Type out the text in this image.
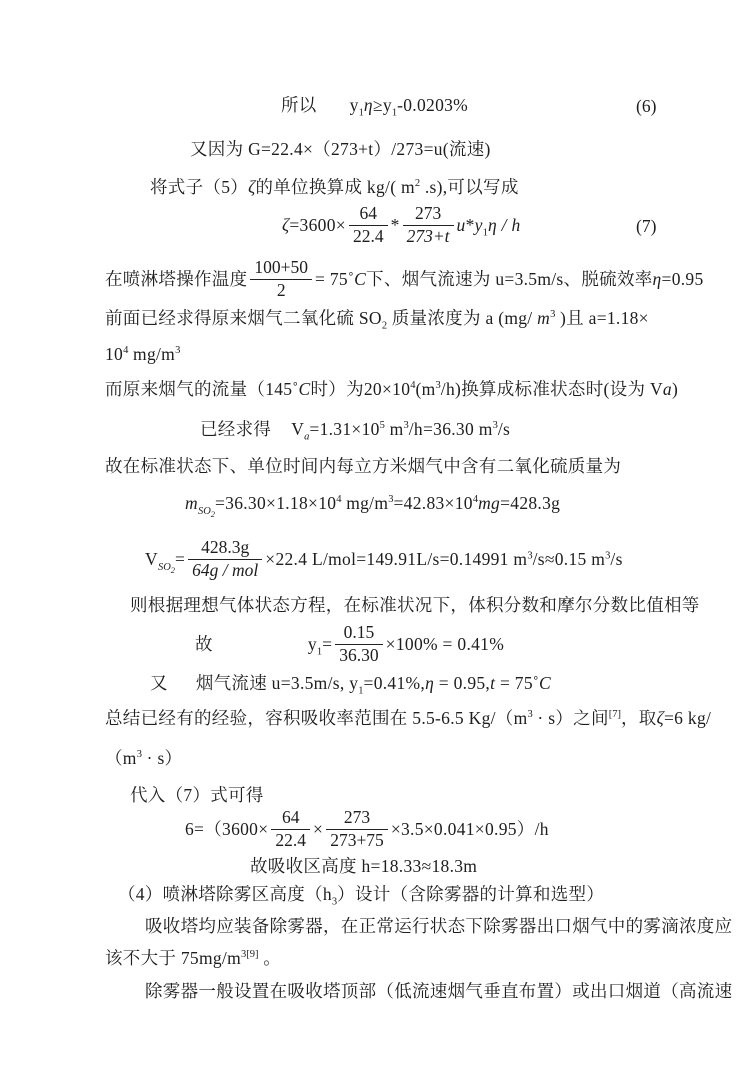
所以 $y_1\eta\ge y_1-0.0203\%$	(6)
又因为 G=22.4×（273+t）/273=u(流速)
将式子（5）ζ的单位换算成 kg/( $m^2$ .s),可以写成
$\zeta=3600\times \frac{64}{22.4} * \frac{273}{273+t} u*y_1\eta / h$	(7)
在喷淋塔操作温度 $\frac{100+50}{2}$ = 75˚C下、烟气流速为 u=3.5m/s、脱硫效率η=0.95
前面已经求得原来烟气二氧化硫 $SO_2$ 质量浓度为 a (mg/ $m^3$ )且 a=1.18×
$10^4$ $mg/m^3$
而原来烟气的流量（145˚C时）为$20\times 10^4(m^3/h)$换算成标准状态时(设为 Va)
已经求得 $V_a=1.31\times 10^5$ $m^3/h=36.30$ $m^3/s$
故在标准状态下、单位时间内每立方米烟气中含有二氧化硫质量为
$m_{SO_2}=36.30\times 1.18\times 10^4$ $mg/m^3=42.83\times 10^4mg=428.3g$
$V_{SO_2}= \frac{428.3g}{\text{64g / mol}} \times 22.4$ L/mol=149.91L/s=0.14991 $m^3/s\approx 0.15$ $m^3/s$
则根据理想气体状态方程，在标准状况下，体积分数和摩尔分数比值相等
故	$y_1= \frac{0.15}{36.30} \times 100\% = 0.41\%$
又 烟气流速 u=3.5m/s, $y_1=0.41\%,\eta = 0.95,t$ = 75˚C
总结已经有的经验，容积吸收率范围在 5.5-6.5 $Kg/(m^3 \cdot s)$之间[7]，取ζ=6 kg/
$(m^3 \cdot s)$
代入（7）式可得
$6=(3600\times \frac{64}{22.4} \times \frac{273}{273+75} \times 3.5\times 0.041\times 0.95)/h$
故吸收区高度 h=18.33≈18.3m
（4）喷淋塔除雾区高度$(h_3)$设计（含除雾器的计算和选型）
吸收塔均应装备除雾器，在正常运行状态下除雾器出口烟气中的雾滴浓度应
该不大于 $75mg/m^{3[9]}$ 。
除雾器一般设置在吸收塔顶部（低流速烟气垂直布置）或出口烟道（高流速
